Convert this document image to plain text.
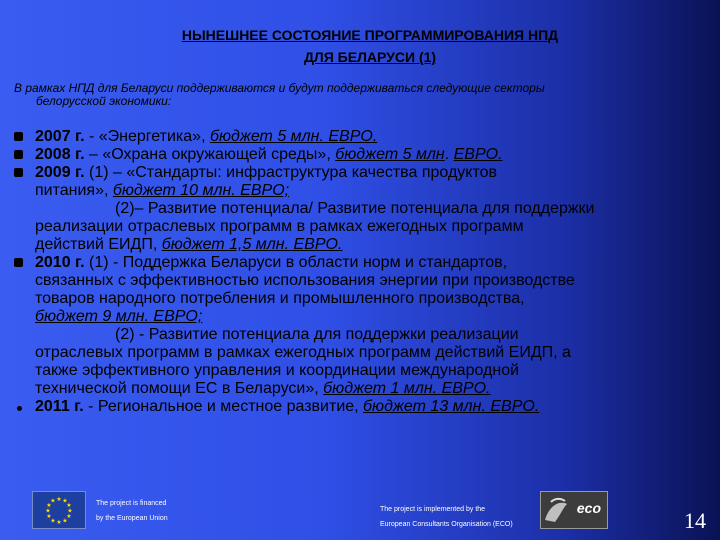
НЫНЕШНЕЕ СОСТОЯНИЕ ПРОГРАММИРОВАНИЯ НПД
ДЛЯ БЕЛАРУСИ (1)
В рамках НПД для Беларуси поддерживаются и будут поддерживаться следующие секторы
белорусской экономики:
2007 г. - «Энергетика», бюджет 5 млн. ЕВРО.
2008 г. – «Охрана окружающей среды», бюджет 5 млн. ЕВРО.
2009 г. (1) – «Стандарты: инфраструктура качества продуктов
питания», бюджет 10 млн. ЕВРО;
(2)– Развитие потенциала/ Развитие потенциала для поддержки
реализации отраслевых программ в рамках ежегодных программ
действий ЕИДП, бюджет 1,5 млн. ЕВРО.
2010 г. (1) - Поддержка Беларуси в области норм и стандартов,
связанных с эффективностью использования энергии при производстве
товаров народного потребления и промышленного производства,
бюджет 9 млн. ЕВРО;
(2) - Развитие потенциала для поддержки реализации
отраслевых программ в рамках ежегодных программ действий ЕИДП, а
также эффективного управления и координации международной
технической помощи ЕС в Беларуси», бюджет 1 млн. ЕВРО.
2011 г. - Региональное и местное развитие, бюджет 13 млн. ЕВРО.
★ ★
★
★
★
★
★
★
★
★
★
★	The project is financed
by the European Union
The project is implemented by the
European Consultants Organisation (ECO)
eco	14
